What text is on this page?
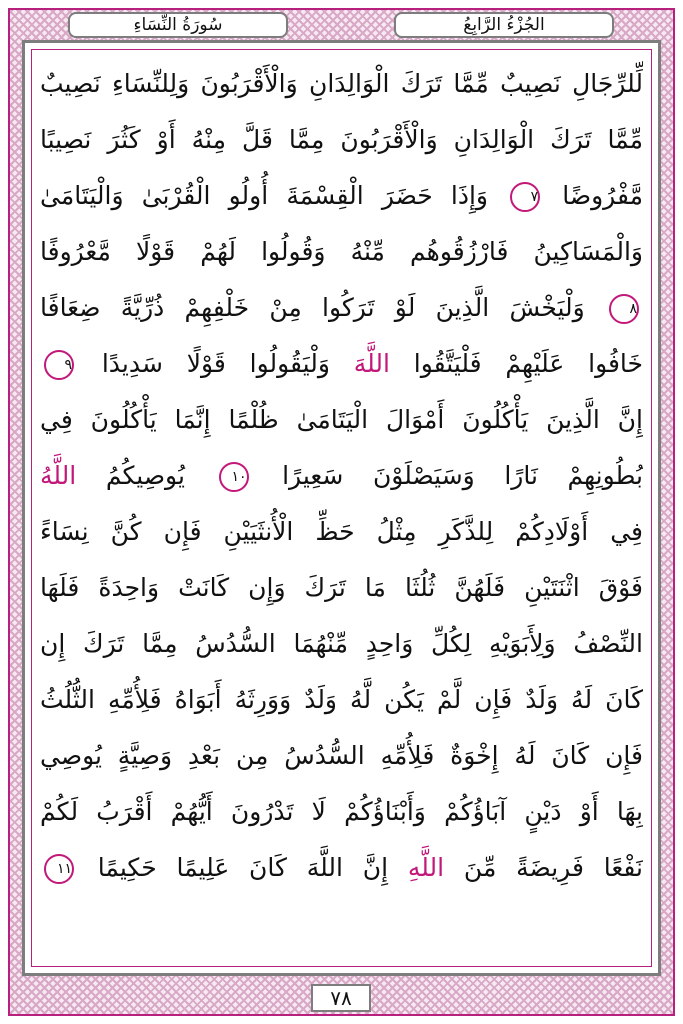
سُورَةُ النِّسَاءِ	الجُزْءُ الرَّابِعُ
لِّلرِّجَالِ نَصِيبٌ مِّمَّا تَرَكَ الْوَالِدَانِ وَالْأَقْرَبُونَ وَلِلنِّسَاءِ نَصِيبٌ
مِّمَّا تَرَكَ الْوَالِدَانِ وَالْأَقْرَبُونَ مِمَّا قَلَّ مِنْهُ أَوْ كَثُرَ نَصِيبًا
مَّفْرُوضًا ٧ وَإِذَا حَضَرَ الْقِسْمَةَ أُولُو الْقُرْبَىٰ وَالْيَتَامَىٰ
وَالْمَسَاكِينُ فَارْزُقُوهُم مِّنْهُ وَقُولُوا لَهُمْ قَوْلًا مَّعْرُوفًا
٨ وَلْيَخْشَ الَّذِينَ لَوْ تَرَكُوا مِنْ خَلْفِهِمْ ذُرِّيَّةً ضِعَافًا
خَافُوا عَلَيْهِمْ فَلْيَتَّقُوا اللَّهَ وَلْيَقُولُوا قَوْلًا سَدِيدًا ٩
إِنَّ الَّذِينَ يَأْكُلُونَ أَمْوَالَ الْيَتَامَىٰ ظُلْمًا إِنَّمَا يَأْكُلُونَ فِي
بُطُونِهِمْ نَارًا وَسَيَصْلَوْنَ سَعِيرًا ١٠ يُوصِيكُمُ اللَّهُ
فِي أَوْلَادِكُمْ لِلذَّكَرِ مِثْلُ حَظِّ الْأُنثَيَيْنِ فَإِن كُنَّ نِسَاءً
فَوْقَ اثْنَتَيْنِ فَلَهُنَّ ثُلُثَا مَا تَرَكَ وَإِن كَانَتْ وَاحِدَةً فَلَهَا
النِّصْفُ وَلِأَبَوَيْهِ لِكُلِّ وَاحِدٍ مِّنْهُمَا السُّدُسُ مِمَّا تَرَكَ إِن
كَانَ لَهُ وَلَدٌ فَإِن لَّمْ يَكُن لَّهُ وَلَدٌ وَوَرِثَهُ أَبَوَاهُ فَلِأُمِّهِ الثُّلُثُ
فَإِن كَانَ لَهُ إِخْوَةٌ فَلِأُمِّهِ السُّدُسُ مِن بَعْدِ وَصِيَّةٍ يُوصِي
بِهَا أَوْ دَيْنٍ آبَاؤُكُمْ وَأَبْنَاؤُكُمْ لَا تَدْرُونَ أَيُّهُمْ أَقْرَبُ لَكُمْ
نَفْعًا فَرِيضَةً مِّنَ اللَّهِ إِنَّ اللَّهَ كَانَ عَلِيمًا حَكِيمًا ١١
٧٨
